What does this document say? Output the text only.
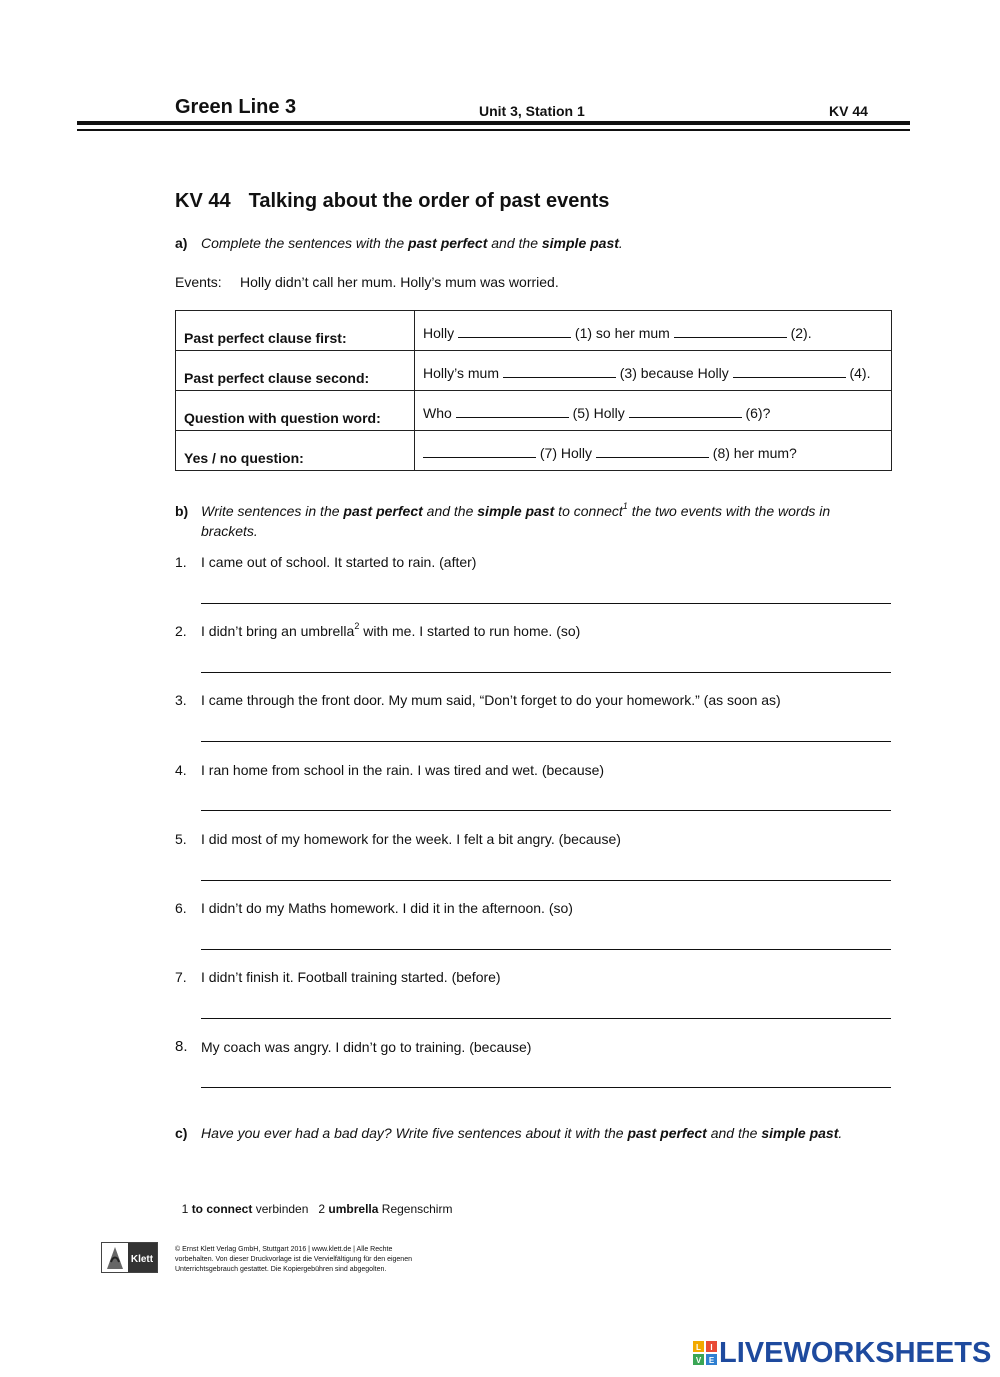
Green Line 3	Unit 3, Station 1	KV 44
KV 44 Talking about the order of past events
a) Complete the sentences with the past perfect and the simple past.
Events: Holly didn’t call her mum. Holly’s mum was worried.
Past perfect clause first:	Holly (1) so her mum (2).
Past perfect clause second:	Holly’s mum (3) because Holly (4).
Question with question word:	Who (5) Holly (6)?
Yes / no question:	(7) Holly (8) her mum?
b) Write sentences in the past perfect and the simple past to connect$^1$ the two events with the words in brackets.
1. I came out of school. It started to rain. (after)
2. I didn’t bring an umbrella$^2$ with me. I started to run home. (so)
3. I came through the front door. My mum said, “Don’t forget to do your homework.” (as soon as)
4. I ran home from school in the rain. I was tired and wet. (because)
5. I did most of my homework for the week. I felt a bit angry. (because)
6. I didn’t do my Maths homework. I did it in the afternoon. (so)
7. I didn’t finish it. Football training started. (before)
8. My coach was angry. I didn’t go to training. (because)
c) Have you ever had a bad day? Write five sentences about it with the past perfect and the simple past.

1 to connect verbinden   2 umbrella Regenschirm

Klett
© Ernst Klett Verlag GmbH, Stuttgart 2016 | www.klett.de | Alle Rechte vorbehalten. Von dieser Druckvorlage ist die Vervielfältigung für den eigenen Unterrichtsgebrauch gestattet. Die Kopiergebühren sind abgegolten.
L I
V E LIVEWORKSHEETS
